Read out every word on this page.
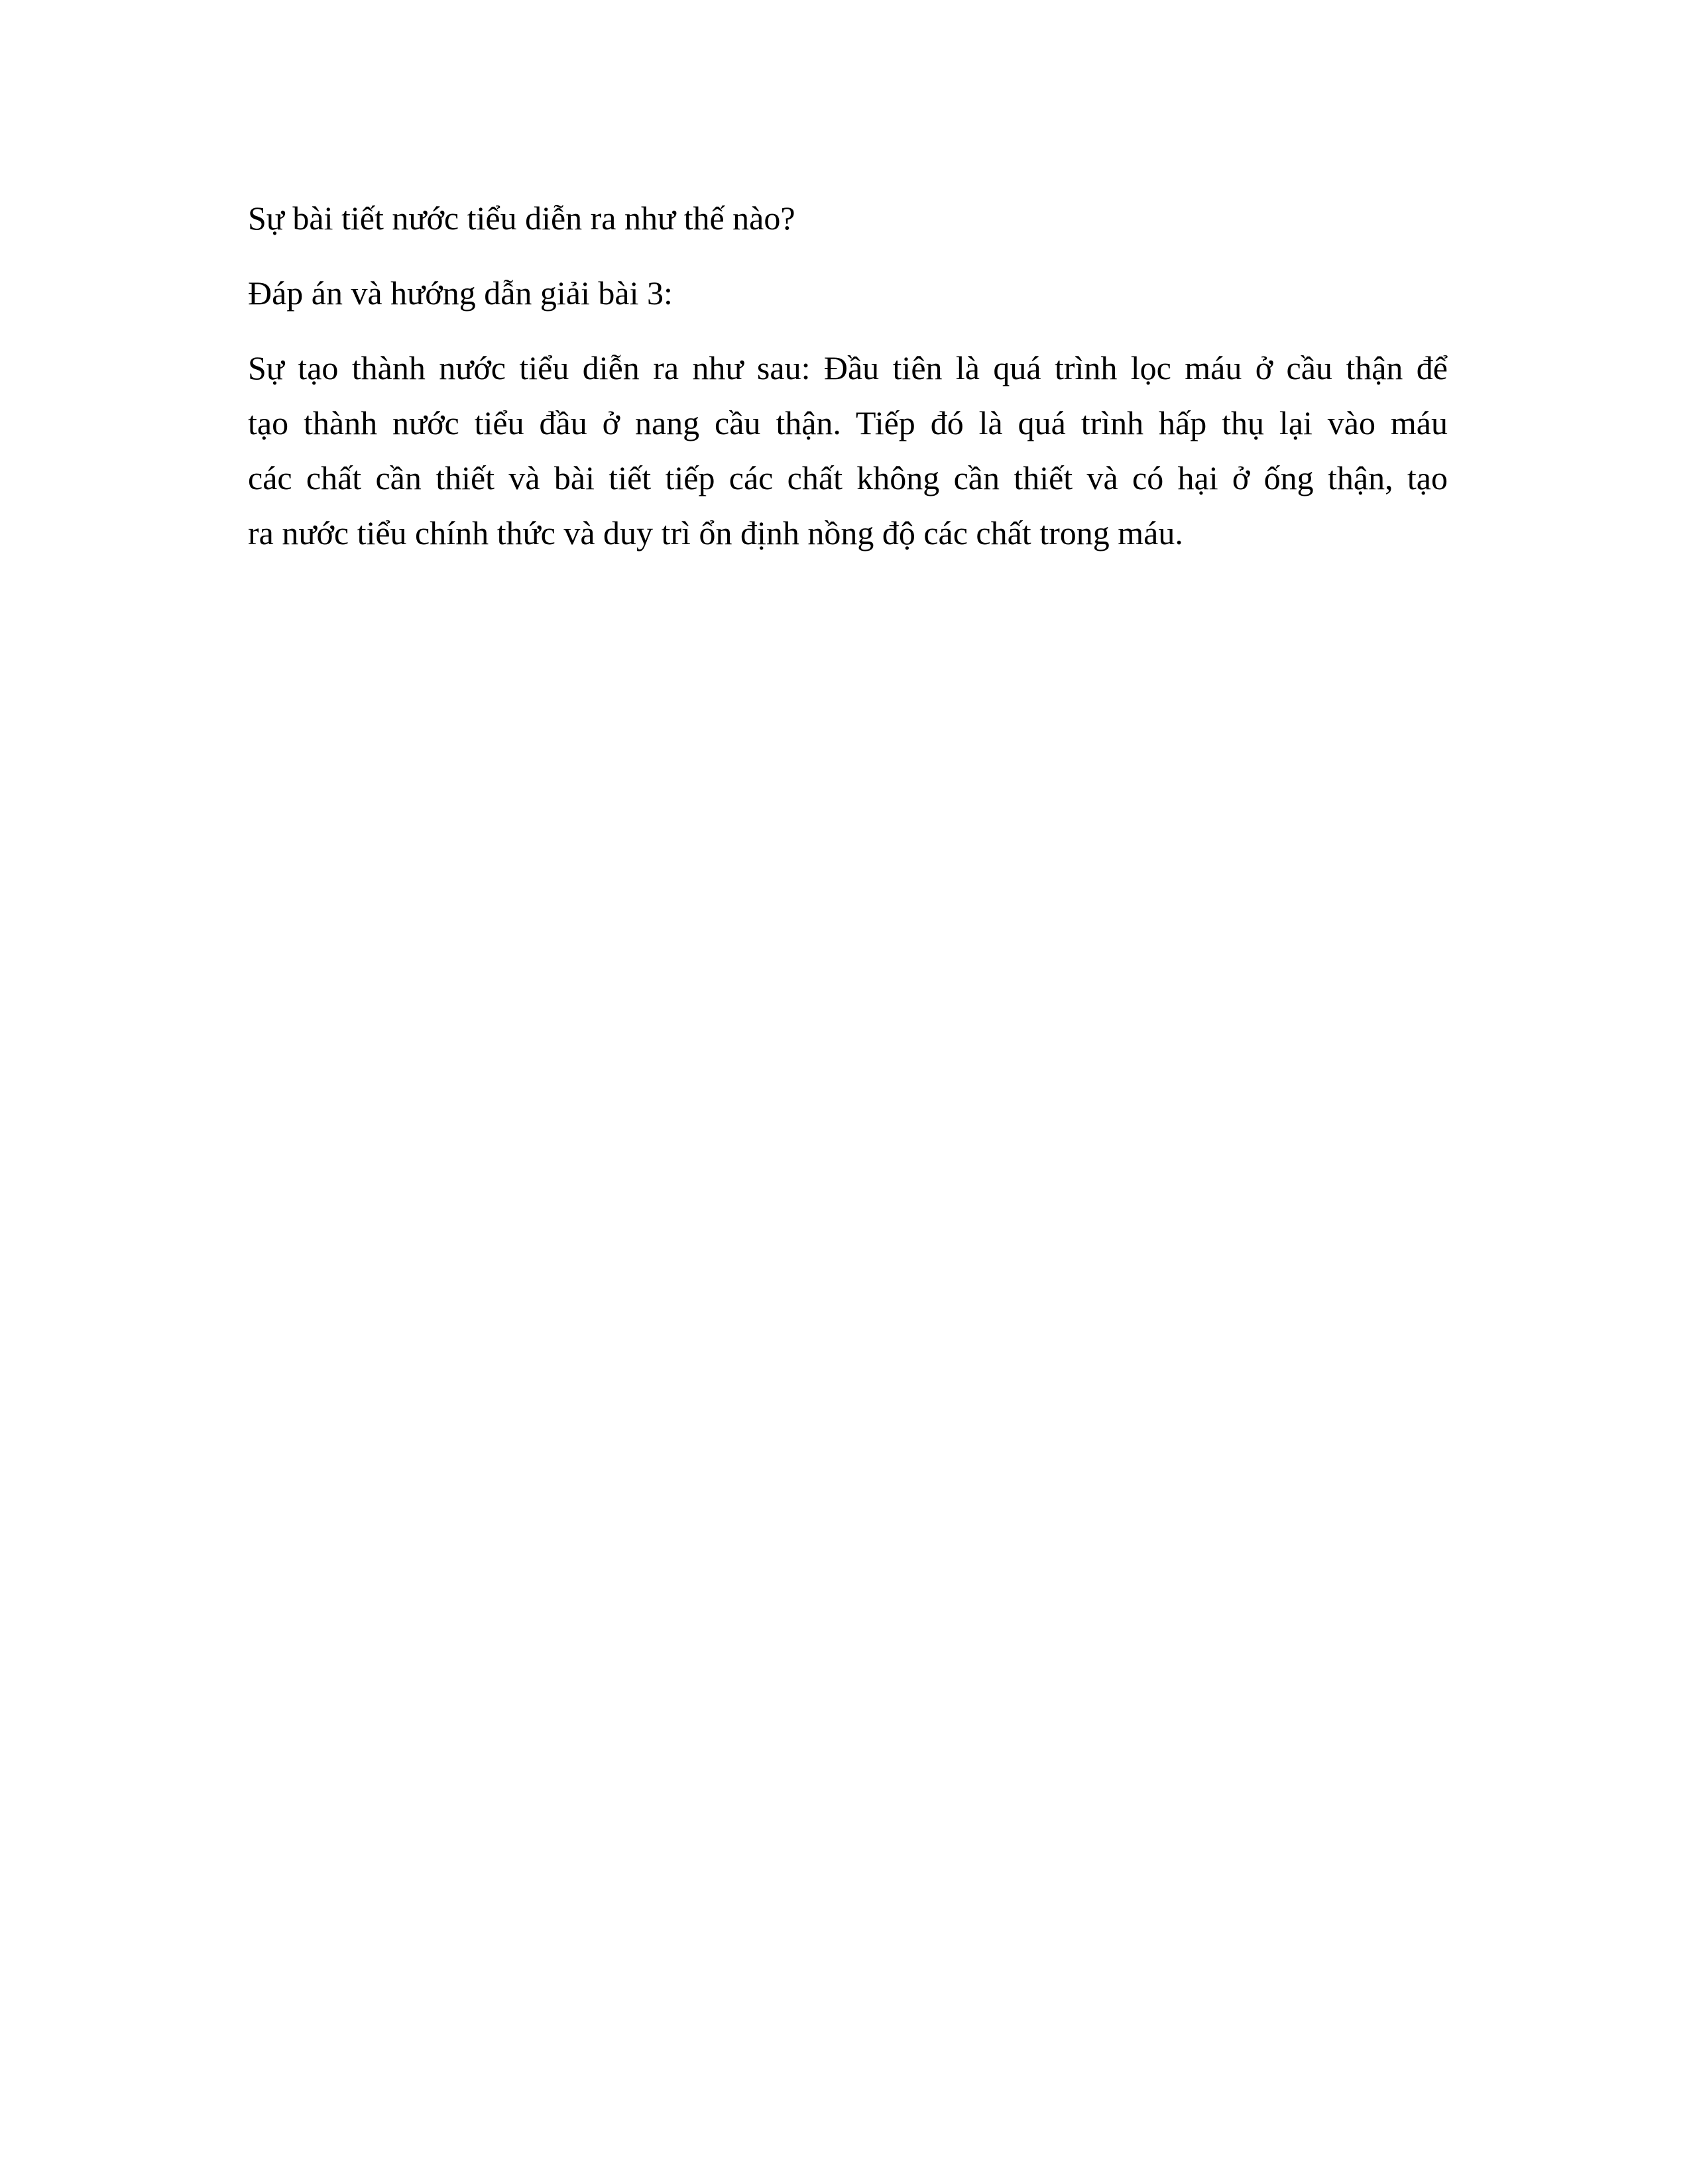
Sự bài tiết nước tiểu diễn ra như thế nào?

Đáp án và hướng dẫn giải bài 3:

Sự tạo thành nước tiểu diễn ra như sau: Đầu tiên là quá trình lọc máu ở cầu thận để

tạo thành nước tiểu đầu ở nang cầu thận. Tiếp đó là quá trình hấp thụ lại vào máu

các chất cần thiết và bài tiết tiếp các chất không cần thiết và có hại ở ống thận, tạo

ra nước tiểu chính thức và duy trì ổn định nồng độ các chất trong máu.
